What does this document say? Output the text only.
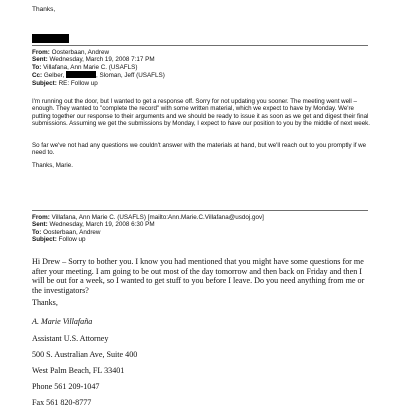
Thanks,
From: Oosterbaan, Andrew
Sent: Wednesday, March 19, 2008 7:17 PM
To: Villafana, Ann Marie C. (USAFLS)
Cc: Gelber,	, Sloman, Jeff (USAFLS)
Subject: RE: Follow up
I'm running out the door, but I wanted to get a response off. Sorry for not updating you sooner. The meeting went well – enough. They wanted to "complete the record" with some written material, which we expect to have by Monday. We're putting together our response to their arguments and we should be ready to issue it as soon as we get and digest their final submissions. Assuming we get the submissions by Monday, I expect to have our position to you by the middle of next week.
So far we've not had any questions we couldn't answer with the materials at hand, but we'll reach out to you promptly if we need to.
Thanks, Marie.
From: Villafana, Ann Marie C. (USAFLS) [mailto:Ann.Marie.C.Villafana@usdoj.gov]
Sent: Wednesday, March 19, 2008 6:30 PM
To: Oosterbaan, Andrew
Subject: Follow up
Hi Drew – Sorry to bother you. I know you had mentioned that you might have some questions for me after your meeting. I am going to be out most of the day tomorrow and then back on Friday and then I will be out for a week, so I wanted to get stuff to you before I leave. Do you need anything from me or the investigators?
Thanks,
A. Marie Villafaña
Assistant U.S. Attorney
500 S. Australian Ave, Suite 400
West Palm Beach, FL 33401
Phone 561 209-1047
Fax 561 820-8777
